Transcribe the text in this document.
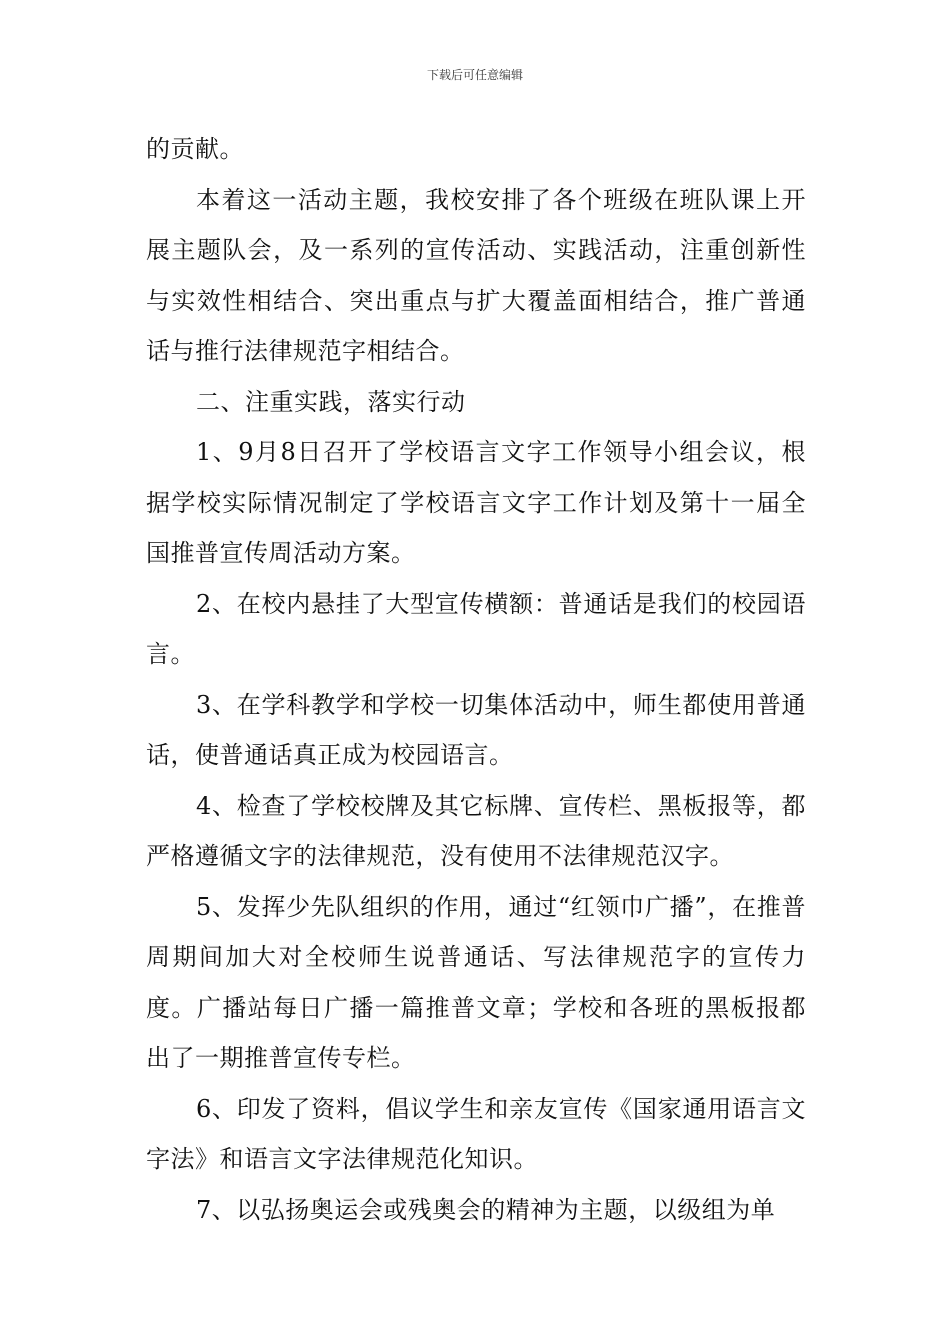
下载后可任意编辑

的贡献。

本着这一活动主题，我校安排了各个班级在班队课上开展主题队会，及一系列的宣传活动、实践活动，注重创新性与实效性相结合、突出重点与扩大覆盖面相结合，推广普通话与推行法律规范字相结合。

二、注重实践，落实行动

1、9月8日召开了学校语言文字工作领导小组会议，根据学校实际情况制定了学校语言文字工作计划及第十一届全国推普宣传周活动方案。

2、在校内悬挂了大型宣传横额：普通话是我们的校园语言。

3、在学科教学和学校一切集体活动中，师生都使用普通话，使普通话真正成为校园语言。

4、检查了学校校牌及其它标牌、宣传栏、黑板报等，都严格遵循文字的法律规范，没有使用不法律规范汉字。

5、发挥少先队组织的作用，通过“红领巾广播”，在推普周期间加大对全校师生说普通话、写法律规范字的宣传力度。广播站每日广播一篇推普文章；学校和各班的黑板报都出了一期推普宣传专栏。

6、印发了资料，倡议学生和亲友宣传《国家通用语言文字法》和语言文字法律规范化知识。

7、以弘扬奥运会或残奥会的精神为主题，以级组为单
